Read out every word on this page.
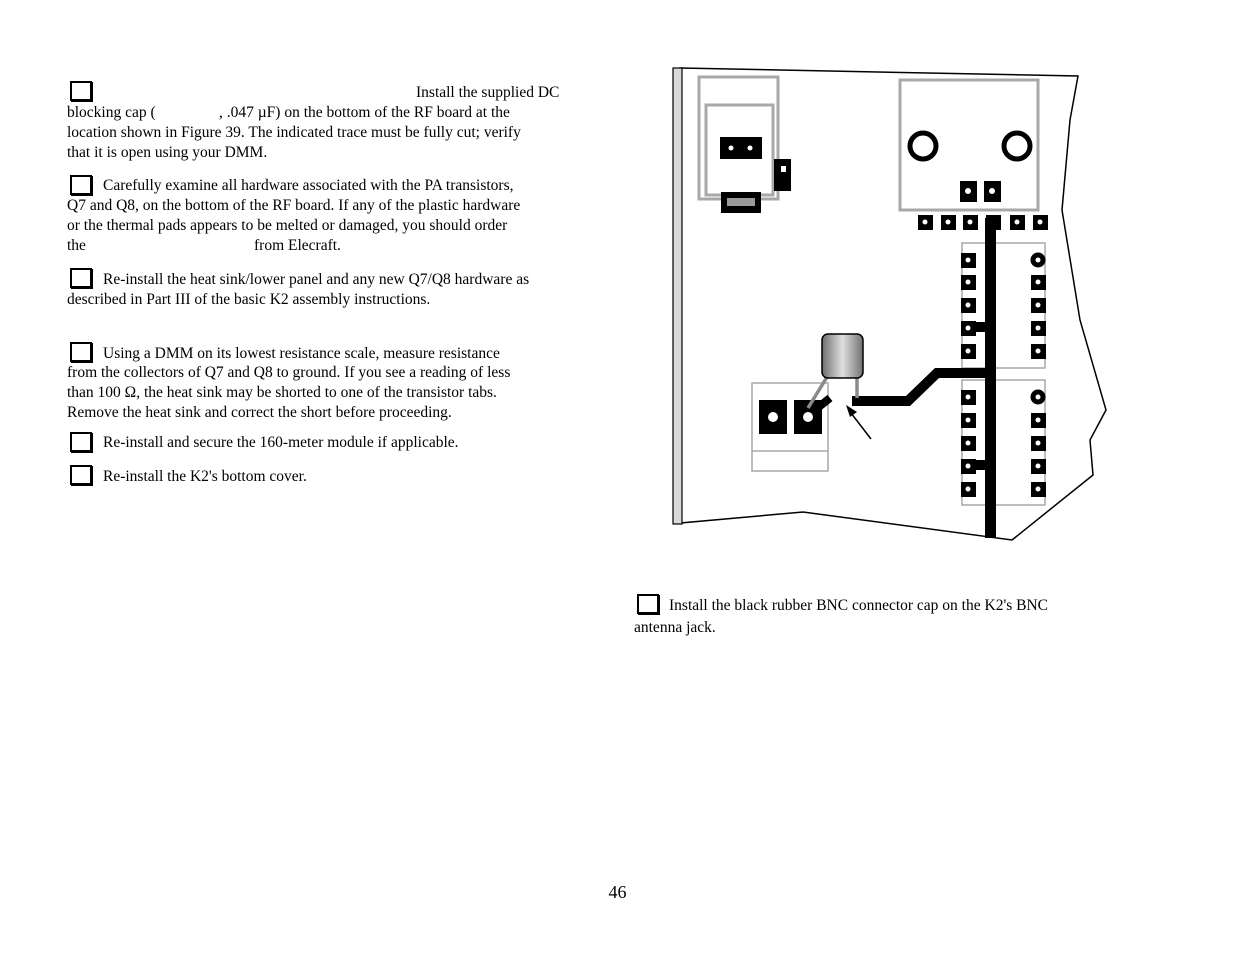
Install the supplied DC
blocking cap (	, .047 µF) on the bottom of the RF board at the
location shown in Figure 39. The indicated trace must be fully cut; verify
that it is open using your DMM.
Carefully examine all hardware associated with the PA transistors,
Q7 and Q8, on the bottom of the RF board. If any of the plastic hardware
or the thermal pads appears to be melted or damaged, you should order
the	from Elecraft.
Re-install the heat sink/lower panel and any new Q7/Q8 hardware as
described in Part III of the basic K2 assembly instructions.
Using a DMM on its lowest resistance scale, measure resistance
from the collectors of Q7 and Q8 to ground. If you see a reading of less
than 100 Ω, the heat sink may be shorted to one of the transistor tabs.
Remove the heat sink and correct the short before proceeding.
Re-install and secure the 160-meter module if applicable.
Re-install the K2's bottom cover.
Install the black rubber BNC connector cap on the K2's BNC
antenna jack.
46
